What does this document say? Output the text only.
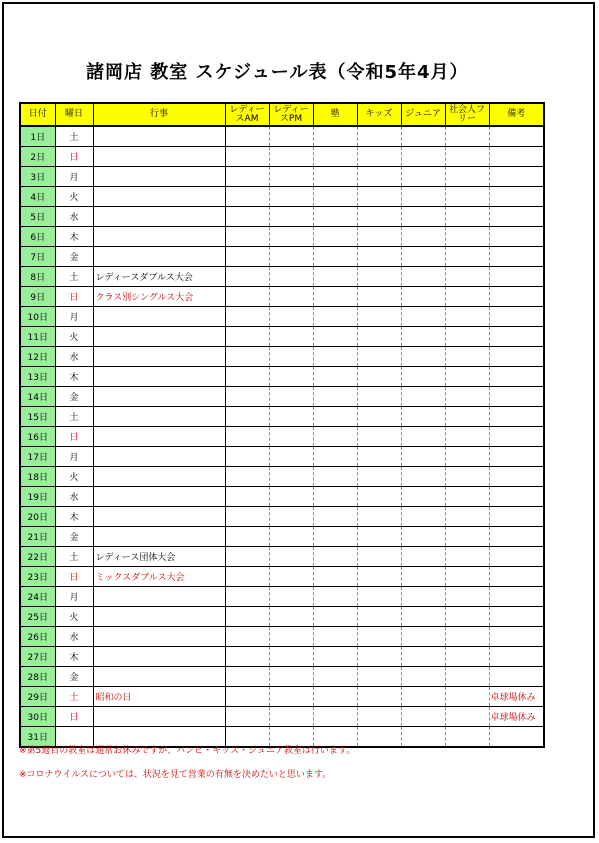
諸岡店 教室 スケジュール表（令和5年4月）
日付	曜日	行事	レディースAM	レディースPM	塾	キッズ	ジュニア	社会人フリー	備考
1日	土								
2日	日								
3日	月								
4日	火								
5日	水								
6日	木								
7日	金								
8日	土	レディースダブルス大会							
9日	日	クラス別シングルス大会							
10日	月								
11日	火								
12日	水								
13日	木								
14日	金								
15日	土								
16日	日								
17日	月								
18日	火								
19日	水								
20日	木								
21日	金								
22日	土	レディース団体大会							
23日	日	ミックスダブルス大会							
24日	月								
25日	火								
26日	水								
27日	木								
28日	金								
29日	土	昭和の日							卓球場休み
30日	日								卓球場休み
31日									

※第5週目の教室は通常お休みですが、バンビ・キッズ・ジュニア教室は行います。

※コロナウイルスについては、状況を見て営業の有無を決めたいと思います。
